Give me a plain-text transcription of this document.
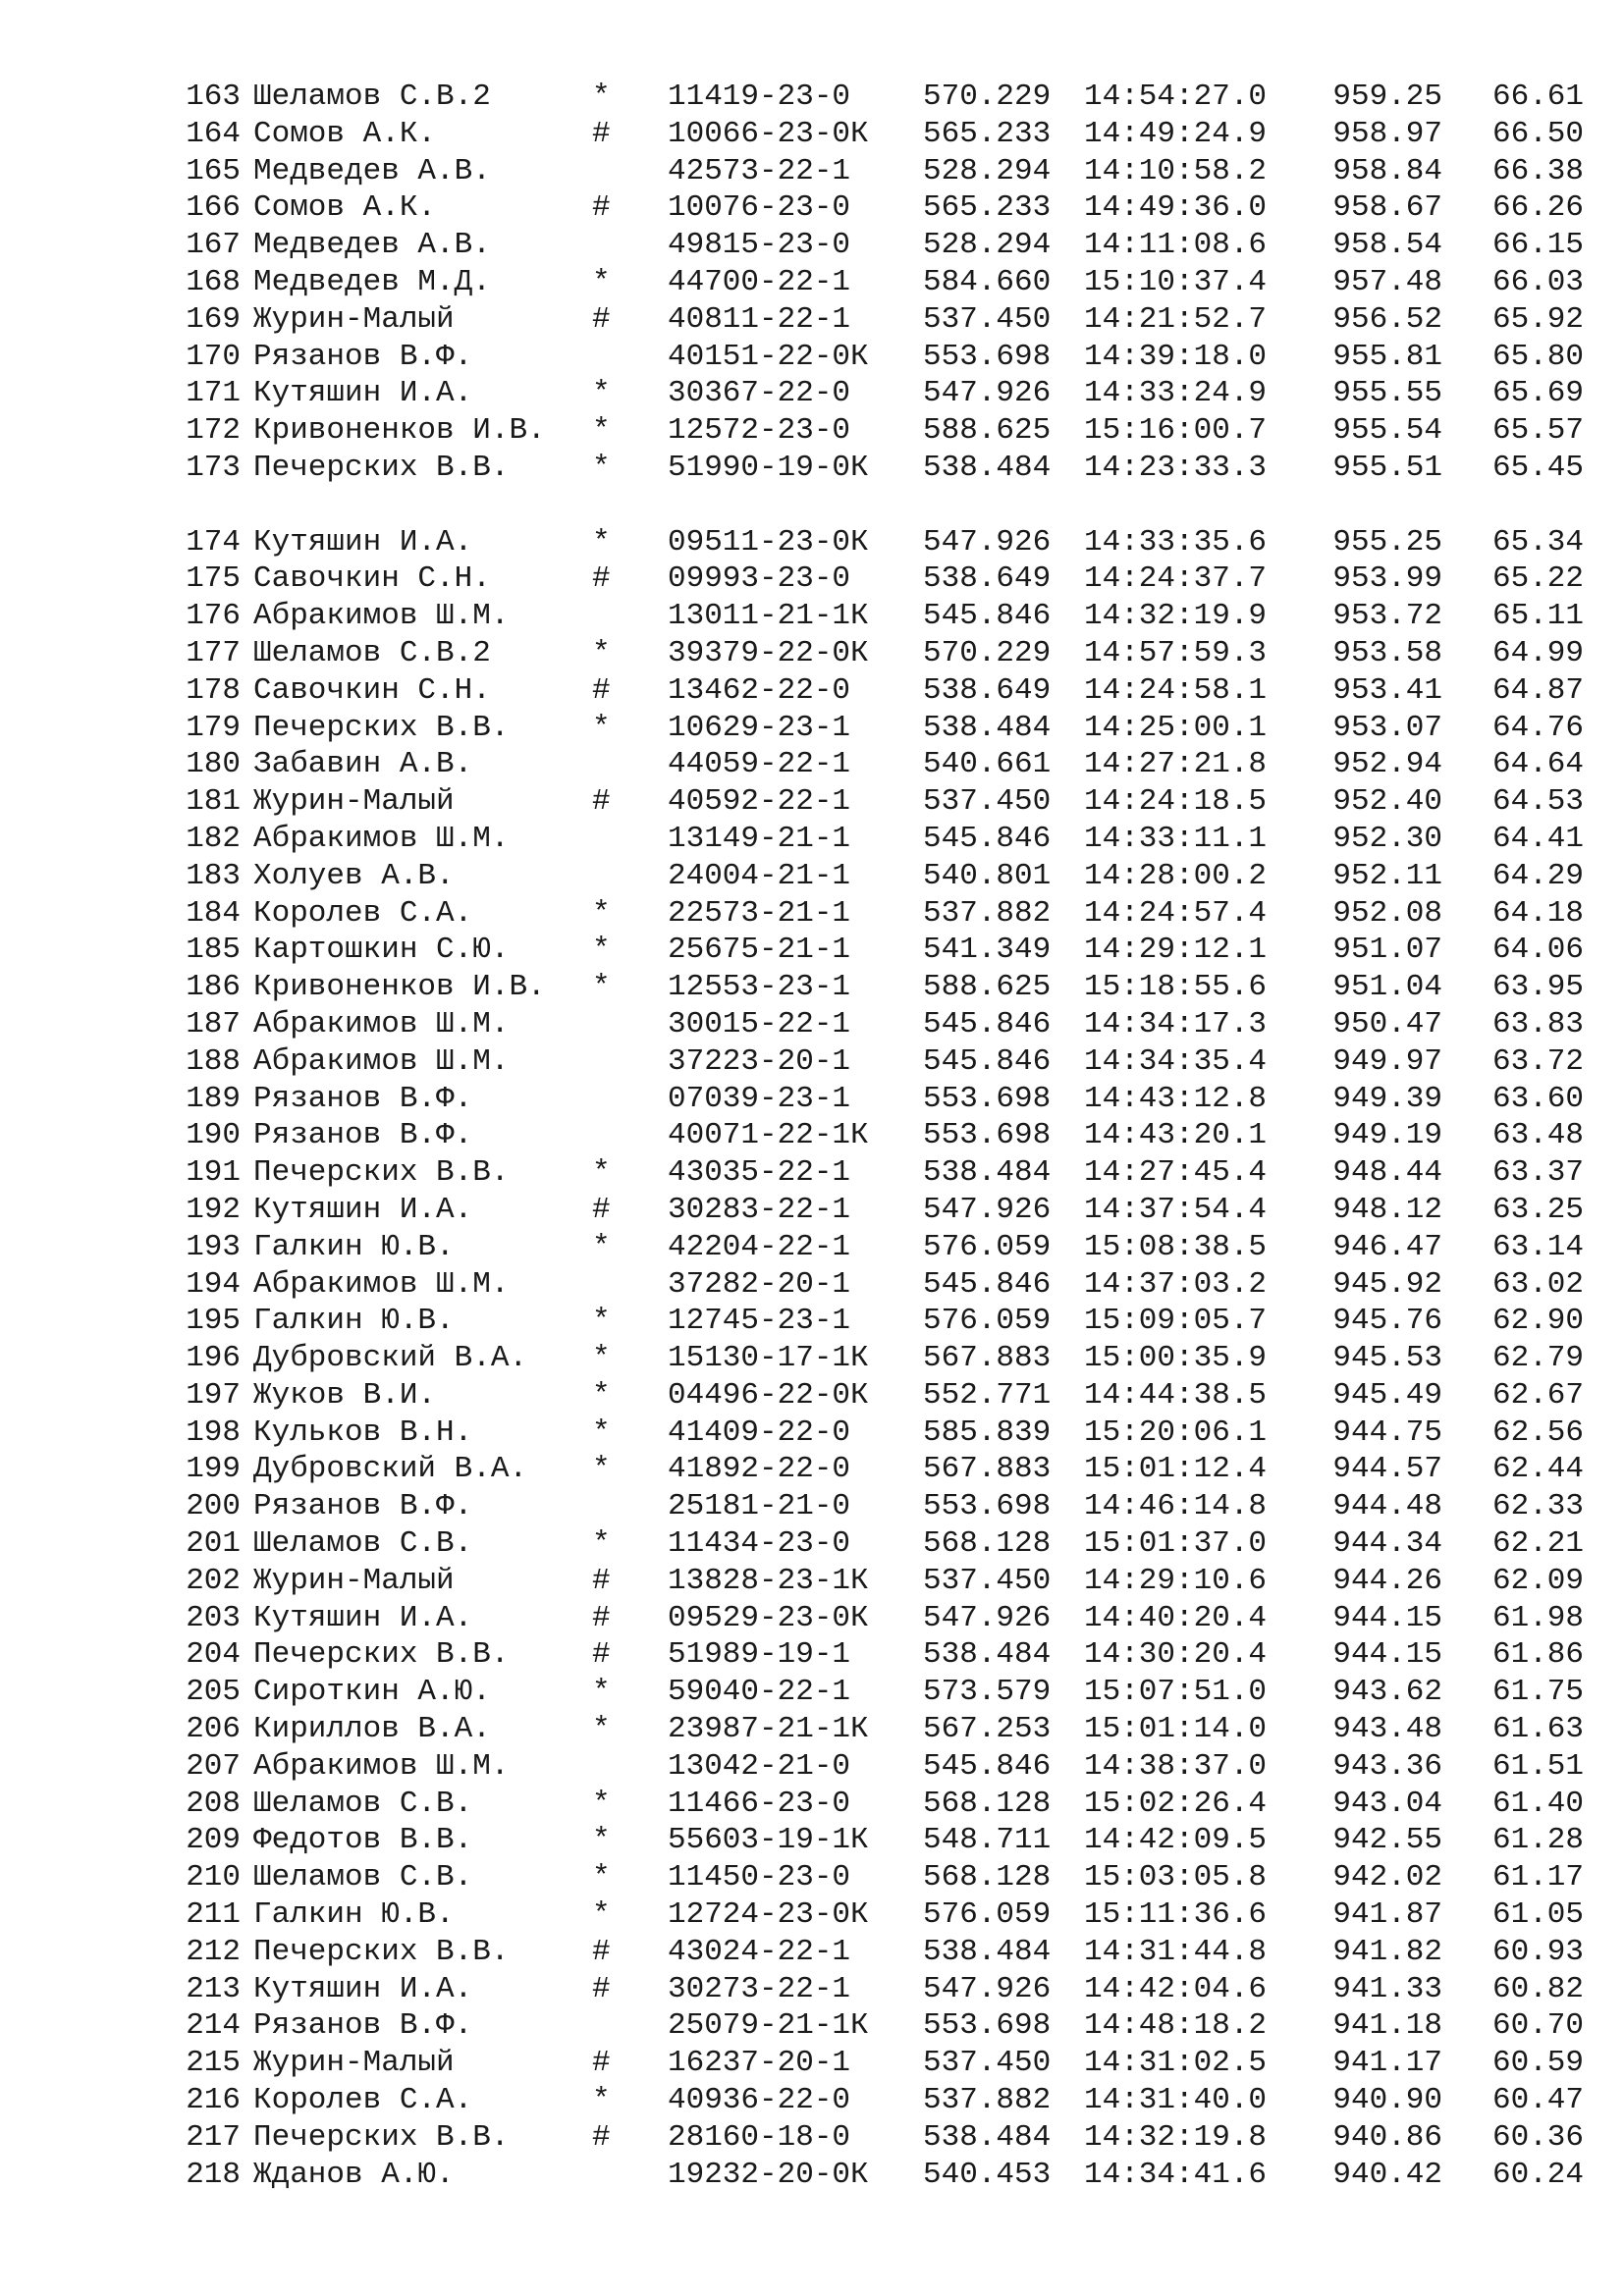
163 Шеламов С.В.2	* 11419-23-0 570.229 14:54:27.0	959.25	66.61
164 Сомов А.К.	# 10066-23-0К 565.233 14:49:24.9	958.97	66.50
165 Медведев А.В.	42573-22-1 528.294 14:10:58.2	958.84	66.38
166 Сомов А.К.	# 10076-23-0 565.233 14:49:36.0	958.67	66.26
167 Медведев А.В.	49815-23-0 528.294 14:11:08.6	958.54	66.15
168 Медведев М.Д.	* 44700-22-1 584.660 15:10:37.4	957.48	66.03
169 Журин-Малый	# 40811-22-1 537.450 14:21:52.7	956.52	65.92
170 Рязанов В.Ф.	40151-22-0К 553.698 14:39:18.0	955.81	65.80
171 Кутяшин И.А.	* 30367-22-0 547.926 14:33:24.9	955.55	65.69
172 Кривоненков И.В. * 12572-23-0 588.625 15:16:00.7	955.54	65.57
173 Печерских В.В.	* 51990-19-0К 538.484 14:23:33.3	955.51	65.45

174 Кутяшин И.А.	* 09511-23-0К 547.926 14:33:35.6	955.25	65.34
175 Савочкин С.Н.	# 09993-23-0 538.649 14:24:37.7	953.99	65.22
176 Абракимов Ш.М.	13011-21-1К 545.846 14:32:19.9	953.72	65.11
177 Шеламов С.В.2	* 39379-22-0К 570.229 14:57:59.3	953.58	64.99
178 Савочкин С.Н.	# 13462-22-0 538.649 14:24:58.1	953.41	64.87
179 Печерских В.В.	* 10629-23-1 538.484 14:25:00.1	953.07	64.76
180 Забавин А.В.	44059-22-1 540.661 14:27:21.8	952.94	64.64
181 Журин-Малый	# 40592-22-1 537.450 14:24:18.5	952.40	64.53
182 Абракимов Ш.М.	13149-21-1 545.846 14:33:11.1	952.30	64.41
183 Холуев А.В.	24004-21-1 540.801 14:28:00.2	952.11	64.29
184 Королев С.А.	* 22573-21-1 537.882 14:24:57.4	952.08	64.18
185 Картошкин С.Ю.	* 25675-21-1 541.349 14:29:12.1	951.07	64.06
186 Кривоненков И.В. * 12553-23-1 588.625 15:18:55.6	951.04	63.95
187 Абракимов Ш.М.	30015-22-1 545.846 14:34:17.3	950.47	63.83
188 Абракимов Ш.М.	37223-20-1 545.846 14:34:35.4	949.97	63.72
189 Рязанов В.Ф.	07039-23-1 553.698 14:43:12.8	949.39	63.60
190 Рязанов В.Ф.	40071-22-1К 553.698 14:43:20.1	949.19	63.48
191 Печерских В.В.	* 43035-22-1 538.484 14:27:45.4	948.44	63.37
192 Кутяшин И.А.	# 30283-22-1 547.926 14:37:54.4	948.12	63.25
193 Галкин Ю.В.	* 42204-22-1 576.059 15:08:38.5	946.47	63.14
194 Абракимов Ш.М.	37282-20-1 545.846 14:37:03.2	945.92	63.02
195 Галкин Ю.В.	* 12745-23-1 576.059 15:09:05.7	945.76	62.90
196 Дубровский В.А. * 15130-17-1К 567.883 15:00:35.9	945.53	62.79
197 Жуков В.И.	* 04496-22-0К 552.771 14:44:38.5	945.49	62.67
198 Кульков В.Н.	* 41409-22-0 585.839 15:20:06.1	944.75	62.56
199 Дубровский В.А. * 41892-22-0 567.883 15:01:12.4	944.57	62.44
200 Рязанов В.Ф.	25181-21-0 553.698 14:46:14.8	944.48	62.33
201 Шеламов С.В.	* 11434-23-0 568.128 15:01:37.0	944.34	62.21
202 Журин-Малый	# 13828-23-1К 537.450 14:29:10.6	944.26	62.09
203 Кутяшин И.А.	# 09529-23-0К 547.926 14:40:20.4	944.15	61.98
204 Печерских В.В.	# 51989-19-1 538.484 14:30:20.4	944.15	61.86
205 Сироткин А.Ю.	* 59040-22-1 573.579 15:07:51.0	943.62	61.75
206 Кириллов В.А.	* 23987-21-1К 567.253 15:01:14.0	943.48	61.63
207 Абракимов Ш.М.	13042-21-0 545.846 14:38:37.0	943.36	61.51
208 Шеламов С.В.	* 11466-23-0 568.128 15:02:26.4	943.04	61.40
209 Федотов В.В.	* 55603-19-1К 548.711 14:42:09.5	942.55	61.28
210 Шеламов С.В.	* 11450-23-0 568.128 15:03:05.8	942.02	61.17
211 Галкин Ю.В.	* 12724-23-0К 576.059 15:11:36.6	941.87	61.05
212 Печерских В.В.	# 43024-22-1 538.484 14:31:44.8	941.82	60.93
213 Кутяшин И.А.	# 30273-22-1 547.926 14:42:04.6	941.33	60.82
214 Рязанов В.Ф.	25079-21-1К 553.698 14:48:18.2	941.18	60.70
215 Журин-Малый	# 16237-20-1 537.450 14:31:02.5	941.17	60.59
216 Королев С.А.	* 40936-22-0 537.882 14:31:40.0	940.90	60.47
217 Печерских В.В.	# 28160-18-0 538.484 14:32:19.8	940.86	60.36
218 Жданов А.Ю.	19232-20-0К 540.453 14:34:41.6	940.42	60.24
